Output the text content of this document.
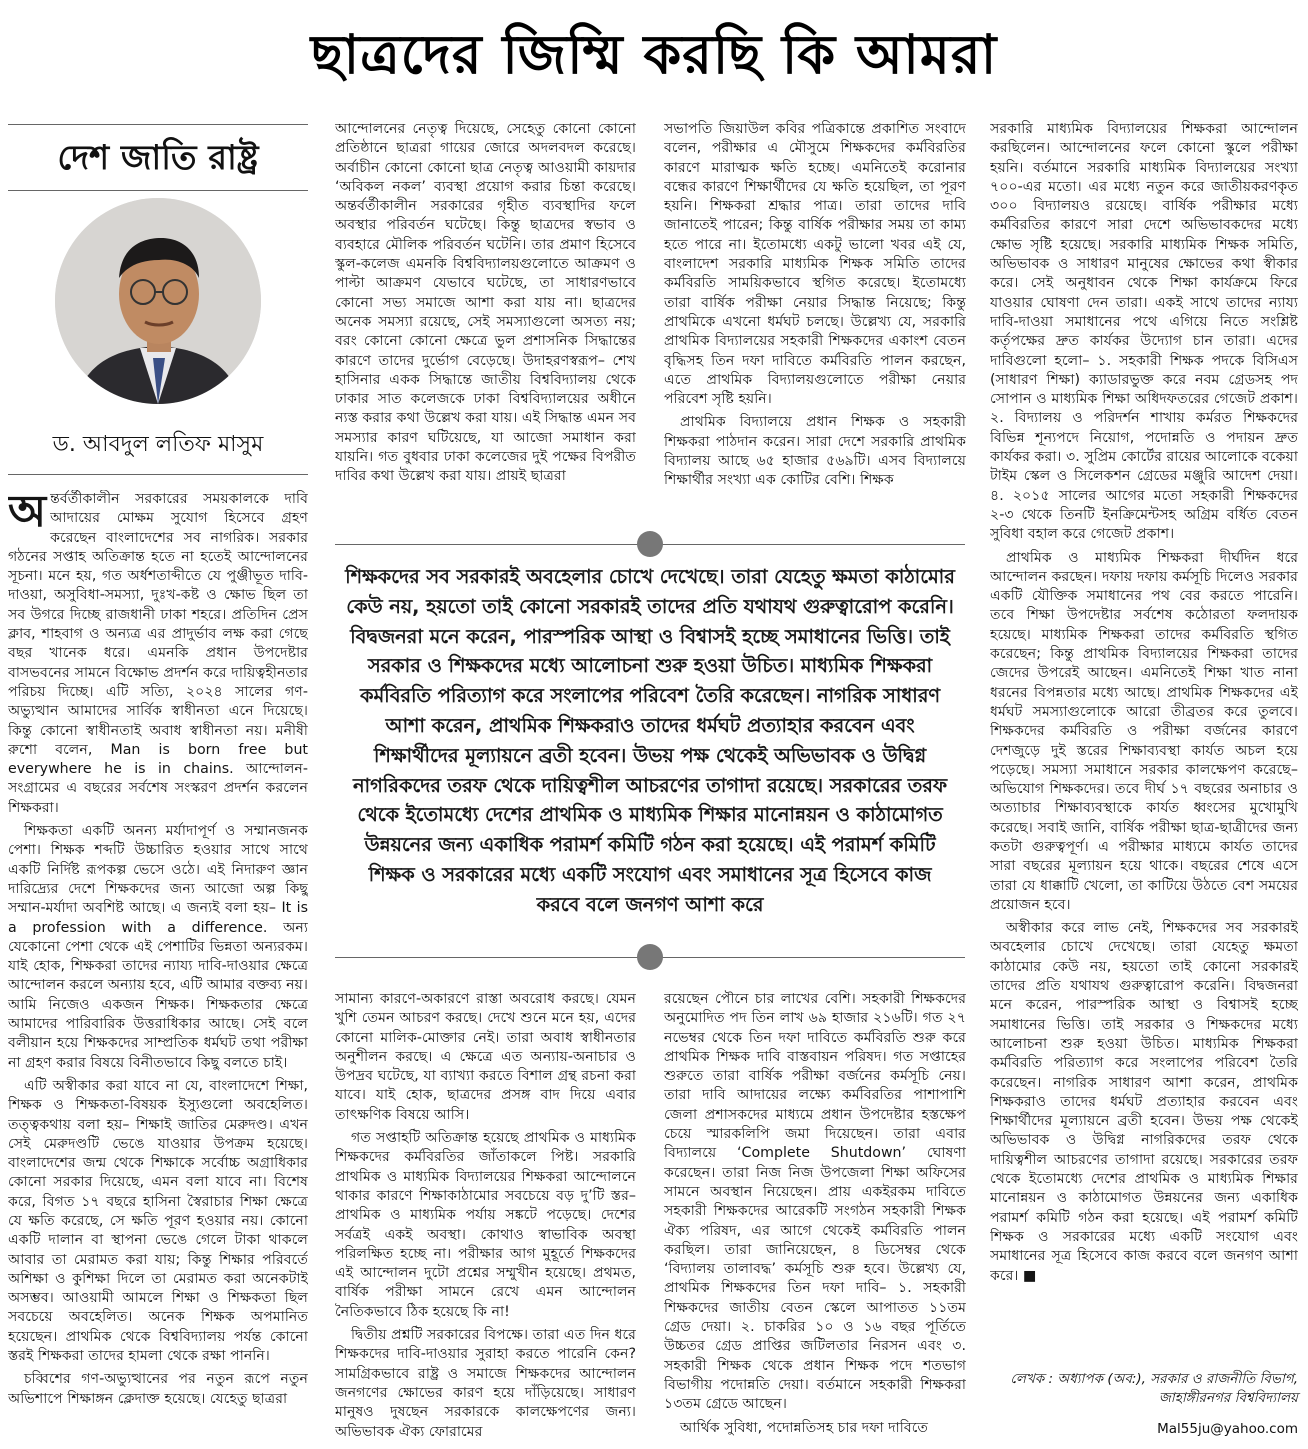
ছাত্রদের জিম্মি করছি কি আমরা
দেশ জাতি রাষ্ট্র
ড. আবদুল লতিফ মাসুম

অন্তর্বর্তীকালীন সরকারের সময়কালকে দাবি আদায়ের মোক্ষম সুযোগ হিসেবে গ্রহণ করেছেন বাংলাদেশের সব নাগরিক। সরকার গঠনের সপ্তাহ অতিক্রান্ত হতে না হতেই আন্দোলনের সূচনা। মনে হয়, গত অর্ধশতাব্দীতে যে পুঞ্জীভূত দাবি-দাওয়া, অসুবিধা-সমস্যা, দুঃখ-কষ্ট ও ক্ষোভ ছিল তা সব উগরে দিচ্ছে রাজধানী ঢাকা শহরে। প্রতিদিন প্রেস ক্লাব, শাহবাগ ও অন্যত্র এর প্রাদুর্ভাব লক্ষ করা গেছে বছর খানেক ধরে। এমনকি প্রধান উপদেষ্টার বাসভবনের সামনে বিক্ষোভ প্রদর্শন করে দায়িত্বহীনতার পরিচয় দিচ্ছে। এটি সত্যি, ২০২৪ সালের গণ-অভ্যুত্থান আমাদের সার্বিক স্বাধীনতা এনে দিয়েছে। কিন্তু কোনো স্বাধীনতাই অবাধ স্বাধীনতা নয়। মনীষী রুশো বলেন, Man is born free but everywhere he is in chains. আন্দোলন-সংগ্রামের এ বছরের সর্বশেষ সংস্করণ প্রদর্শন করলেন শিক্ষকরা।

শিক্ষকতা একটি অনন্য মর্যাদাপূর্ণ ও সম্মানজনক পেশা। শিক্ষক শব্দটি উচ্চারিত হওয়ার সাথে সাথে একটি নির্দিষ্ট রূপকল্প ভেসে ওঠে। এই নিদারুণ জ্ঞান দারিদ্র্যের দেশে শিক্ষকদের জন্য আজো অল্প কিছু সম্মান-মর্যাদা অবশিষ্ট আছে। এ জন্যই বলা হয়– It is a profession with a difference. অন্য যেকোনো পেশা থেকে এই পেশাটির ভিন্নতা অন্যরকম। যাই হোক, শিক্ষকরা তাদের ন্যায্য দাবি-দাওয়ার ক্ষেত্রে আন্দোলন করলে অন্যায় হবে, এটি আমার বক্তব্য নয়। আমি নিজেও একজন শিক্ষক। শিক্ষকতার ক্ষেত্রে আমাদের পারিবারিক উত্তরাধিকার আছে। সেই বলে বলীয়ান হয়ে শিক্ষকদের সাম্প্রতিক ধর্মঘট তথা পরীক্ষা না গ্রহণ করার বিষয়ে বিনীতভাবে কিছু বলতে চাই।

এটি অস্বীকার করা যাবে না যে, বাংলাদেশে শিক্ষা, শিক্ষক ও শিক্ষকতা-বিষয়ক ইস্যুগুলো অবহেলিত। তত্ত্বকথায় বলা হয়– শিক্ষাই জাতির মেরুদণ্ড। এখন সেই মেরুদণ্ডটি ভেঙে যাওয়ার উপক্রম হয়েছে। বাংলাদেশের জন্ম থেকে শিক্ষাকে সর্বোচ্চ অগ্রাধিকার কোনো সরকার দিয়েছে, এমন বলা যাবে না। বিশেষ করে, বিগত ১৭ বছরে হাসিনা স্বৈরাচার শিক্ষা ক্ষেত্রে যে ক্ষতি করেছে, সে ক্ষতি পূরণ হওয়ার নয়। কোনো একটি দালান বা স্থাপনা ভেঙে গেলে টাকা থাকলে আবার তা মেরামত করা যায়; কিন্তু শিক্ষার পরিবর্তে অশিক্ষা ও কুশিক্ষা দিলে তা মেরামত করা অনেকটাই অসম্ভব। আওয়ামী আমলে শিক্ষা ও শিক্ষকতা ছিল সবচেয়ে অবহেলিত। অনেক শিক্ষক অপমানিত হয়েছেন। প্রাথমিক থেকে বিশ্ববিদ্যালয় পর্যন্ত কোনো স্তরই শিক্ষকরা তাদের হামলা থেকে রক্ষা পাননি।

চব্বিশের গণ-অভ্যুত্থানের পর নতুন রূপে নতুন অভিশাপে শিক্ষাঙ্গন ক্লেদাক্ত হয়েছে। যেহেতু ছাত্ররা

আন্দোলনের নেতৃত্ব দিয়েছে, সেহেতু কোনো কোনো প্রতিষ্ঠানে ছাত্ররা গায়ের জোরে অদলবদল করেছে। অর্বাচীন কোনো কোনো ছাত্র নেতৃত্ব আওয়ামী কায়দার ‘অবিকল নকল’ ব্যবস্থা প্রয়োগ করার চিন্তা করেছে। অন্তর্বর্তীকালীন সরকারের গৃহীত ব্যবস্থাদির ফলে অবস্থার পরিবর্তন ঘটেছে। কিন্তু ছাত্রদের স্বভাব ও ব্যবহারে মৌলিক পরিবর্তন ঘটেনি। তার প্রমাণ হিসেবে স্কুল-কলেজ এমনকি বিশ্ববিদ্যালয়গুলোতে আক্রমণ ও পাল্টা আক্রমণ যেভাবে ঘটেছে, তা সাধারণভাবে কোনো সভ্য সমাজে আশা করা যায় না। ছাত্রদের অনেক সমস্যা রয়েছে, সেই সমস্যাগুলো অসত্য নয়; বরং কোনো কোনো ক্ষেত্রে ভুল প্রশাসনিক সিদ্ধান্তের কারণে তাদের দুর্ভোগ বেড়েছে। উদাহরণস্বরূপ– শেখ হাসিনার একক সিদ্ধান্তে জাতীয় বিশ্ববিদ্যালয় থেকে ঢাকার সাত কলেজকে ঢাকা বিশ্ববিদ্যালয়ের অধীনে ন্যস্ত করার কথা উল্লেখ করা যায়। এই সিদ্ধান্ত এমন সব সমস্যার কারণ ঘটিয়েছে, যা আজো সমাধান করা যায়নি। গত বুধবার ঢাকা কলেজের দুই পক্ষের বিপরীত দাবির কথা উল্লেখ করা যায়। প্রায়ই ছাত্ররা

সভাপতি জিয়াউল কবির পত্রিকান্তে প্রকাশিত সংবাদে বলেন, পরীক্ষার এ মৌসুমে শিক্ষকদের কর্মবিরতির কারণে মারাত্মক ক্ষতি হচ্ছে। এমনিতেই করোনার বন্ধের কারণে শিক্ষার্থীদের যে ক্ষতি হয়েছিল, তা পূরণ হয়নি। শিক্ষকরা শ্রদ্ধার পাত্র। তারা তাদের দাবি জানাতেই পারেন; কিন্তু বার্ষিক পরীক্ষার সময় তা কাম্য হতে পারে না। ইতোমধ্যে একটু ভালো খবর এই যে, বাংলাদেশ সরকারি মাধ্যমিক শিক্ষক সমিতি তাদের কর্মবিরতি সাময়িকভাবে স্থগিত করেছে। ইতোমধ্যে তারা বার্ষিক পরীক্ষা নেয়ার সিদ্ধান্ত নিয়েছে; কিন্তু প্রাথমিকে এখনো ধর্মঘট চলছে। উল্লেখ্য যে, সরকারি প্রাথমিক বিদ্যালয়ের সহকারী শিক্ষকদের একাংশ বেতন বৃদ্ধিসহ তিন দফা দাবিতে কর্মবিরতি পালন করছেন, এতে প্রাথমিক বিদ্যালয়গুলোতে পরীক্ষা নেয়ার পরিবেশ সৃষ্টি হয়নি।

প্রাথমিক বিদ্যালয়ে প্রধান শিক্ষক ও সহকারী শিক্ষকরা পাঠদান করেন। সারা দেশে সরকারি প্রাথমিক বিদ্যালয় আছে ৬৫ হাজার ৫৬৯টি। এসব বিদ্যালয়ে শিক্ষার্থীর সংখ্যা এক কোটির বেশি। শিক্ষক

সরকারি মাধ্যমিক বিদ্যালয়ের শিক্ষকরা আন্দোলন করছিলেন। আন্দোলনের ফলে কোনো স্কুলে পরীক্ষা হয়নি। বর্তমানে সরকারি মাধ্যমিক বিদ্যালয়ের সংখ্যা ৭০০-এর মতো। এর মধ্যে নতুন করে জাতীয়করণকৃত ৩০০ বিদ্যালয়ও রয়েছে। বার্ষিক পরীক্ষার মধ্যে কর্মবিরতির কারণে সারা দেশে অভিভাবকদের মধ্যে ক্ষোভ সৃষ্টি হয়েছে। সরকারি মাধ্যমিক শিক্ষক সমিতি, অভিভাবক ও সাধারণ মানুষের ক্ষোভের কথা স্বীকার করে। সেই অনুধাবন থেকে শিক্ষা কার্যক্রমে ফিরে যাওয়ার ঘোষণা দেন তারা। একই সাথে তাদের ন্যায্য দাবি-দাওয়া সমাধানের পথে এগিয়ে নিতে সংশ্লিষ্ট কর্তৃপক্ষের দ্রুত কার্যকর উদ্যোগ চান তারা। এদের দাবিগুলো হলো– ১. সহকারী শিক্ষক পদকে বিসিএস (সাধারণ শিক্ষা) ক্যাডারভুক্ত করে নবম গ্রেডসহ পদ সোপান ও মাধ্যমিক শিক্ষা অধিদফতরের গেজেট প্রকাশ। ২. বিদ্যালয় ও পরিদর্শন শাখায় কর্মরত শিক্ষকদের বিভিন্ন শূন্যপদে নিয়োগ, পদোন্নতি ও পদায়ন দ্রুত কার্যকর করা। ৩. সুপ্রিম কোর্টের রায়ের আলোকে বকেয়া টাইম স্কেল ও সিলেকশন গ্রেডের মঞ্জুরি আদেশ দেয়া। ৪. ২০১৫ সালের আগের মতো সহকারী শিক্ষকদের ২-৩ থেকে তিনটি ইনক্রিমেন্টসহ অগ্রিম বর্ধিত বেতন সুবিধা বহাল করে গেজেট প্রকাশ।

প্রাথমিক ও মাধ্যমিক শিক্ষকরা দীর্ঘদিন ধরে আন্দোলন করছেন। দফায় দফায় কর্মসূচি দিলেও সরকার একটি যৌক্তিক সমাধানের পথ বের করতে পারেনি। তবে শিক্ষা উপদেষ্টার সর্বশেষ কঠোরতা ফলদায়ক হয়েছে। মাধ্যমিক শিক্ষকরা তাদের কর্মবিরতি স্থগিত করেছেন; কিন্তু প্রাথমিক বিদ্যালয়ের শিক্ষকরা তাদের জেদের উপরেই আছেন। এমনিতেই শিক্ষা খাত নানা ধরনের বিপন্নতার মধ্যে আছে। প্রাথমিক শিক্ষকদের এই ধর্মঘট সমস্যাগুলোকে আরো তীব্রতর করে তুলবে। শিক্ষকদের কর্মবিরতি ও পরীক্ষা বর্জনের কারণে দেশজুড়ে দুই স্তরের শিক্ষাব্যবস্থা কার্যত অচল হয়ে পড়েছে। সমস্যা সমাধানে সরকার কালক্ষেপণ করেছে– অভিযোগ শিক্ষকদের। তবে দীর্ঘ ১৭ বছরের অনাচার ও অত্যাচার শিক্ষাব্যবস্থাকে কার্যত ধ্বংসের মুখোমুখি করেছে। সবাই জানি, বার্ষিক পরীক্ষা ছাত্র-ছাত্রীদের জন্য কতটা গুরুত্বপূর্ণ। এ পরীক্ষার মাধ্যমে কার্যত তাদের সারা বছরের মূল্যায়ন হয়ে থাকে। বছরের শেষে এসে তারা যে ধাক্কাটি খেলো, তা কাটিয়ে উঠতে বেশ সময়ের প্রয়োজন হবে।

অস্বীকার করে লাভ নেই, শিক্ষকদের সব সরকারই অবহেলার চোখে দেখেছে। তারা যেহেতু ক্ষমতা কাঠামোর কেউ নয়, হয়তো তাই কোনো সরকারই তাদের প্রতি যথাযথ গুরুত্বারোপ করেনি। বিদ্বজনরা মনে করেন, পারস্পরিক আস্থা ও বিশ্বাসই হচ্ছে সমাধানের ভিত্তি। তাই সরকার ও শিক্ষকদের মধ্যে আলোচনা শুরু হওয়া উচিত। মাধ্যমিক শিক্ষকরা কর্মবিরতি পরিত্যাগ করে সংলাপের পরিবেশ তৈরি করেছেন। নাগরিক সাধারণ আশা করেন, প্রাথমিক শিক্ষকরাও তাদের ধর্মঘট প্রত্যাহার করবেন এবং শিক্ষার্থীদের মূল্যায়নে ব্রতী হবেন। উভয় পক্ষ থেকেই অভিভাবক ও উদ্বিগ্ন নাগরিকদের তরফ থেকে দায়িত্বশীল আচরণের তাগাদা রয়েছে। সরকারের তরফ থেকে ইতোমধ্যে দেশের প্রাথমিক ও মাধ্যমিক শিক্ষার মানোন্নয়ন ও কাঠামোগত উন্নয়নের জন্য একাধিক পরামর্শ কমিটি গঠন করা হয়েছে। এই পরামর্শ কমিটি শিক্ষক ও সরকারের মধ্যে একটি সংযোগ এবং সমাধানের সূত্র হিসেবে কাজ করবে বলে জনগণ আশা করে। ■

শিক্ষকদের সব সরকারই অবহেলার চোখে দেখেছে। তারা যেহেতু ক্ষমতা কাঠামোর কেউ নয়, হয়তো তাই কোনো সরকারই তাদের প্রতি যথাযথ গুরুত্বারোপ করেনি। বিদ্বজনরা মনে করেন, পারস্পরিক আস্থা ও বিশ্বাসই হচ্ছে সমাধানের ভিত্তি। তাই সরকার ও শিক্ষকদের মধ্যে আলোচনা শুরু হওয়া উচিত। মাধ্যমিক শিক্ষকরা কর্মবিরতি পরিত্যাগ করে সংলাপের পরিবেশ তৈরি করেছেন। নাগরিক সাধারণ আশা করেন, প্রাথমিক শিক্ষকরাও তাদের ধর্মঘট প্রত্যাহার করবেন এবং শিক্ষার্থীদের মূল্যায়নে ব্রতী হবেন। উভয় পক্ষ থেকেই অভিভাবক ও উদ্বিগ্ন নাগরিকদের তরফ থেকে দায়িত্বশীল আচরণের তাগাদা রয়েছে। সরকারের তরফ থেকে ইতোমধ্যে দেশের প্রাথমিক ও মাধ্যমিক শিক্ষার মানোন্নয়ন ও কাঠামোগত উন্নয়নের জন্য একাধিক পরামর্শ কমিটি গঠন করা হয়েছে। এই পরামর্শ কমিটি শিক্ষক ও সরকারের মধ্যে একটি সংযোগ এবং সমাধানের সূত্র হিসেবে কাজ করবে বলে জনগণ আশা করে

সামান্য কারণে-অকারণে রাস্তা অবরোধ করছে। যেমন খুশি তেমন আচরণ করছে। দেখে শুনে মনে হয়, এদের কোনো মালিক-মোক্তার নেই। তারা অবাধ স্বাধীনতার অনুশীলন করছে। এ ক্ষেত্রে এত অন্যায়-অনাচার ও উপদ্রব ঘটেছে, যা ব্যাখ্যা করতে বিশাল গ্রন্থ রচনা করা যাবে। যাই হোক, ছাত্রদের প্রসঙ্গ বাদ দিয়ে এবার তাৎক্ষণিক বিষয়ে আসি।

গত সপ্তাহটি অতিক্রান্ত হয়েছে প্রাথমিক ও মাধ্যমিক শিক্ষকদের কর্মবিরতির জাঁতাকলে পিষ্ট। সরকারি প্রাথমিক ও মাধ্যমিক বিদ্যালয়ের শিক্ষকরা আন্দোলনে থাকার কারণে শিক্ষাকাঠামোর সবচেয়ে বড় দু’টি স্তর– প্রাথমিক ও মাধ্যমিক পর্যায় সঙ্কটে পড়েছে। দেশের সর্বত্রই একই অবস্থা। কোথাও স্বাভাবিক অবস্থা পরিলক্ষিত হচ্ছে না। পরীক্ষার আগ মুহূর্তে শিক্ষকদের এই আন্দোলন দুটো প্রশ্নের সম্মুখীন হয়েছে। প্রথমত, বার্ষিক পরীক্ষা সামনে রেখে এমন আন্দোলন নৈতিকভাবে ঠিক হয়েছে কি না!

দ্বিতীয় প্রশ্নটি সরকারের বিপক্ষে। তারা এত দিন ধরে শিক্ষকদের দাবি-দাওয়ার সুরাহা করতে পারেনি কেন? সামগ্রিকভাবে রাষ্ট্র ও সমাজে শিক্ষকদের আন্দোলন জনগণের ক্ষোভের কারণ হয়ে দাঁড়িয়েছে। সাধারণ মানুষও দুষছেন সরকারকে কালক্ষেপণের জন্য। অভিভাবক ঐক্য ফোরামের

রয়েছেন পৌনে চার লাখের বেশি। সহকারী শিক্ষকদের অনুমোদিত পদ তিন লাখ ৬৯ হাজার ২১৬টি। গত ২৭ নভেম্বর থেকে তিন দফা দাবিতে কর্মবিরতি শুরু করে প্রাথমিক শিক্ষক দাবি বাস্তবায়ন পরিষদ। গত সপ্তাহের শুরুতে তারা বার্ষিক পরীক্ষা বর্জনের কর্মসূচি নেয়। তারা দাবি আদায়ের লক্ষ্যে কর্মবিরতির পাশাপাশি জেলা প্রশাসকদের মাধ্যমে প্রধান উপদেষ্টার হস্তক্ষেপ চেয়ে স্মারকলিপি জমা দিয়েছেন। তারা এবার বিদ্যালয়ে ‘Complete Shutdown’ ঘোষণা করেছেন। তারা নিজ নিজ উপজেলা শিক্ষা অফিসের সামনে অবস্থান নিয়েছেন। প্রায় একইরকম দাবিতে সহকারী শিক্ষকদের আরেকটি সংগঠন সহকারী শিক্ষক ঐক্য পরিষদ, এর আগে থেকেই কর্মবিরতি পালন করছিল। তারা জানিয়েছেন, ৪ ডিসেম্বর থেকে ‘বিদ্যালয় তালাবদ্ধ’ কর্মসূচি শুরু হবে। উল্লেখ্য যে, প্রাথমিক শিক্ষকদের তিন দফা দাবি– ১. সহকারী শিক্ষকদের জাতীয় বেতন স্কেলে আপাতত ১১তম গ্রেড দেয়া। ২. চাকরির ১০ ও ১৬ বছর পূর্তিতে উচ্চতর গ্রেড প্রাপ্তির জটিলতার নিরসন এবং ৩. সহকারী শিক্ষক থেকে প্রধান শিক্ষক পদে শতভাগ বিভাগীয় পদোন্নতি দেয়া। বর্তমানে সহকারী শিক্ষকরা ১৩তম গ্রেডে আছেন।

আর্থিক সুবিধা, পদোন্নতিসহ চার দফা দাবিতে

লেখক : অধ্যাপক (অব:), সরকার ও রাজনীতি বিভাগ, জাহাঙ্গীরনগর বিশ্ববিদ্যালয়
Mal55ju@yahoo.com
